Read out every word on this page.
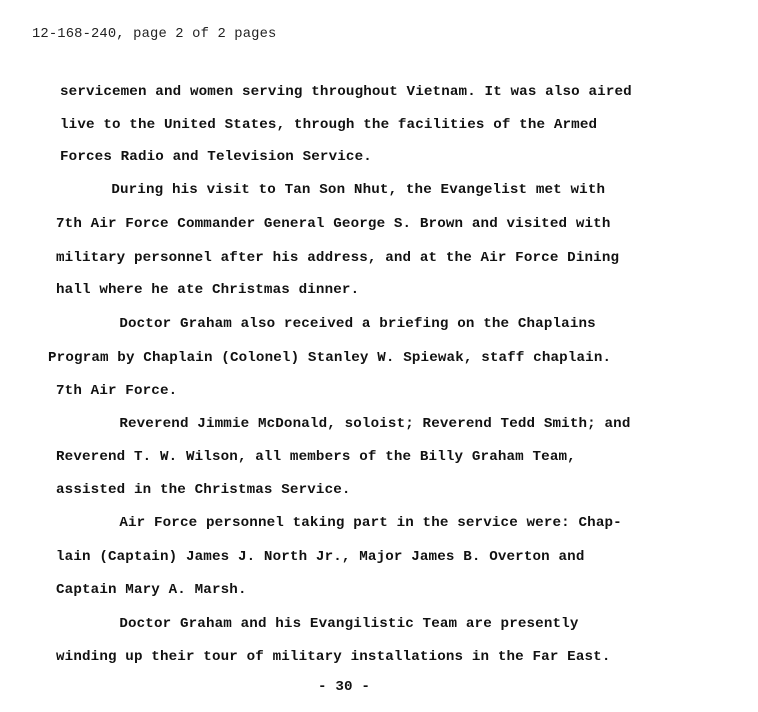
12-168-240, page 2 of 2 pages
servicemen and women serving throughout Vietnam. It was also aired
live to the United States, through the facilities of the Armed
Forces Radio and Television Service.
During his visit to Tan Son Nhut, the Evangelist met with
7th Air Force Commander General George S. Brown and visited with
military personnel after his address, and at the Air Force Dining
hall where he ate Christmas dinner.
Doctor Graham also received a briefing on the Chaplains
Program by Chaplain (Colonel) Stanley W. Spiewak, staff chaplain.
7th Air Force.
Reverend Jimmie McDonald, soloist; Reverend Tedd Smith; and
Reverend T. W. Wilson, all members of the Billy Graham Team,
assisted in the Christmas Service.
Air Force personnel taking part in the service were: Chap-
lain (Captain) James J. North Jr., Major James B. Overton and
Captain Mary A. Marsh.
Doctor Graham and his Evangilistic Team are presently
winding up their tour of military installations in the Far East.
- 30 -
